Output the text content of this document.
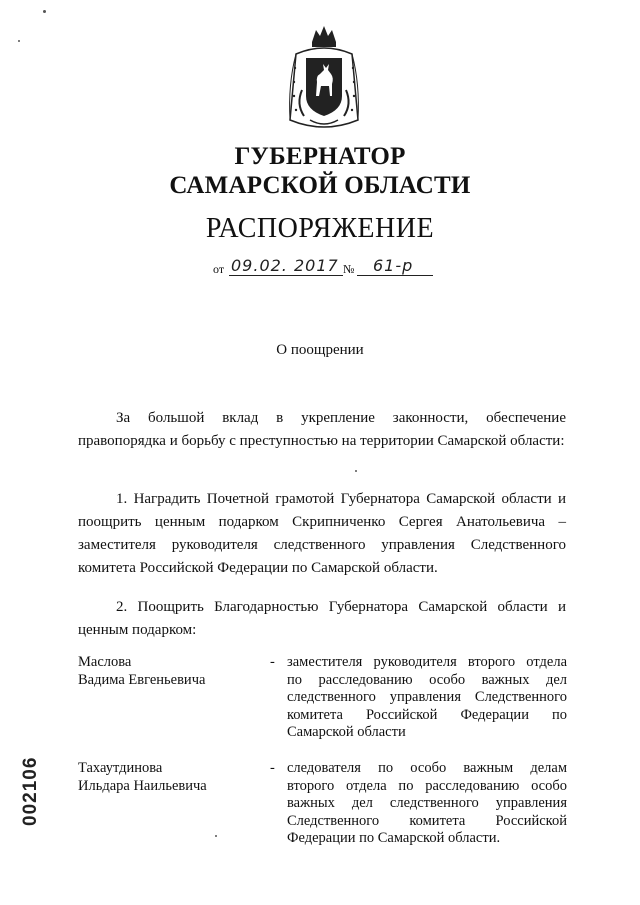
ГУБЕРНАТОР
САМАРСКОЙ ОБЛАСТИ
РАСПОРЯЖЕНИЕ
от 09.02. 2017 № 61-р
О поощрении
За большой вклад в укрепление законности, обеспечение правопорядка и борьбу с преступностью на территории Самарской области:
1. Наградить Почетной грамотой Губернатора Самарской области и поощрить ценным подарком Скрипниченко Сергея Анатольевича – заместителя руководителя следственного управления Следственного комитета Российской Федерации по Самарской области.
2. Поощрить Благодарностью Губернатора Самарской области и ценным подарком:
Маслова
Вадима Евгеньевича
- заместителя руководителя второго отдела
по расследованию особо важных дел
следственного управления Следственного
комитета Российской Федерации по
Самарской области
Тахаутдинова
Ильдара Наильевича
- следователя по особо важным делам
второго отдела по расследованию особо
важных дел следственного управления
Следственного комитета Российской
Федерации по Самарской области.
002106
